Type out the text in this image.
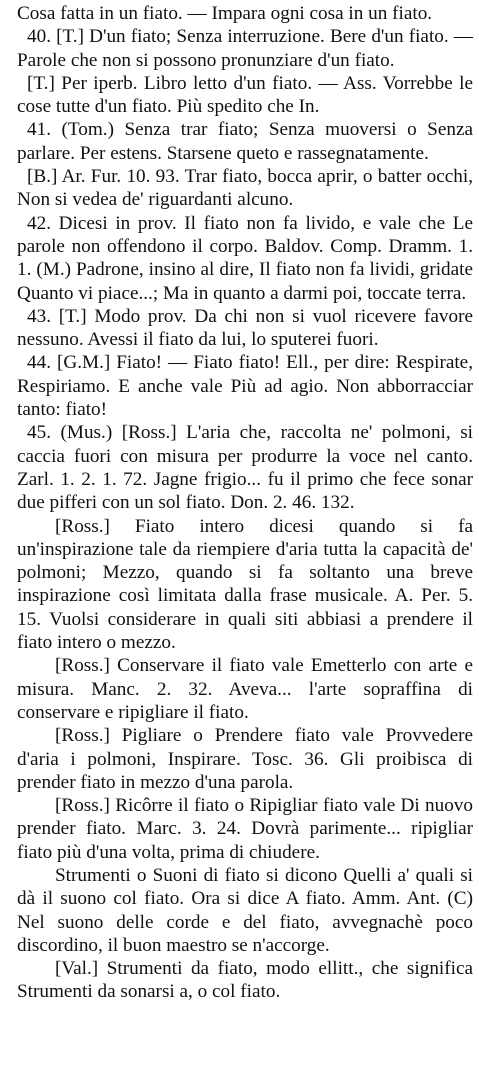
Cosa fatta in un fiato. — Impara ogni cosa in un fiato.

40. [T.] D'un fiato; Senza interruzione. Bere d'un fiato. — Parole che non si possono pronunziare d'un fiato.

[T.] Per iperb. Libro letto d'un fiato. — Ass. Vorrebbe le cose tutte d'un fiato. Più spedito che In.

41. (Tom.) Senza trar fiato; Senza muoversi o Senza parlare. Per estens. Starsene queto e rassegnatamente.

[B.] Ar. Fur. 10. 93. Trar fiato, bocca aprir, o batter occhi, Non si vedea de' riguardanti alcuno.

42. Dicesi in prov. Il fiato non fa livido, e vale che Le parole non offendono il corpo. Baldov. Comp. Dramm. 1. 1. (M.) Padrone, insino al dire, Il fiato non fa lividi, gridate Quanto vi piace...; Ma in quanto a darmi poi, toccate terra.

43. [T.] Modo prov. Da chi non si vuol ricevere favore nessuno. Avessi il fiato da lui, lo sputerei fuori.

44. [G.M.] Fiato! — Fiato fiato! Ell., per dire: Respirate, Respiriamo. E anche vale Più ad agio. Non abborracciar tanto: fiato!

45. (Mus.) [Ross.] L'aria che, raccolta ne' polmoni, si caccia fuori con misura per produrre la voce nel canto. Zarl. 1. 2. 1. 72. Jagne frigio... fu il primo che fece sonar due pifferi con un sol fiato. Don. 2. 46. 132.

[Ross.] Fiato intero dicesi quando si fa un'inspirazione tale da riempiere d'aria tutta la capacità de' polmoni; Mezzo, quando si fa soltanto una breve inspirazione così limitata dalla frase musicale. A. Per. 5. 15. Vuolsi considerare in quali siti abbiasi a prendere il fiato intero o mezzo.

[Ross.] Conservare il fiato vale Emetterlo con arte e misura. Manc. 2. 32. Aveva... l'arte sopraffina di conservare e ripigliare il fiato.

[Ross.] Pigliare o Prendere fiato vale Provvedere d'aria i polmoni, Inspirare. Tosc. 36. Gli proibisca di prender fiato in mezzo d'una parola.

[Ross.] Ricôrre il fiato o Ripigliar fiato vale Di nuovo prender fiato. Marc. 3. 24. Dovrà parimente... ripigliar fiato più d'una volta, prima di chiudere.

Strumenti o Suoni di fiato si dicono Quelli a' quali si dà il suono col fiato. Ora si dice A fiato. Amm. Ant. (C) Nel suono delle corde e del fiato, avvegnachè poco discordino, il buon maestro se n'accorge.

[Val.] Strumenti da fiato, modo ellitt., che significa Strumenti da sonarsi a, o col fiato.
